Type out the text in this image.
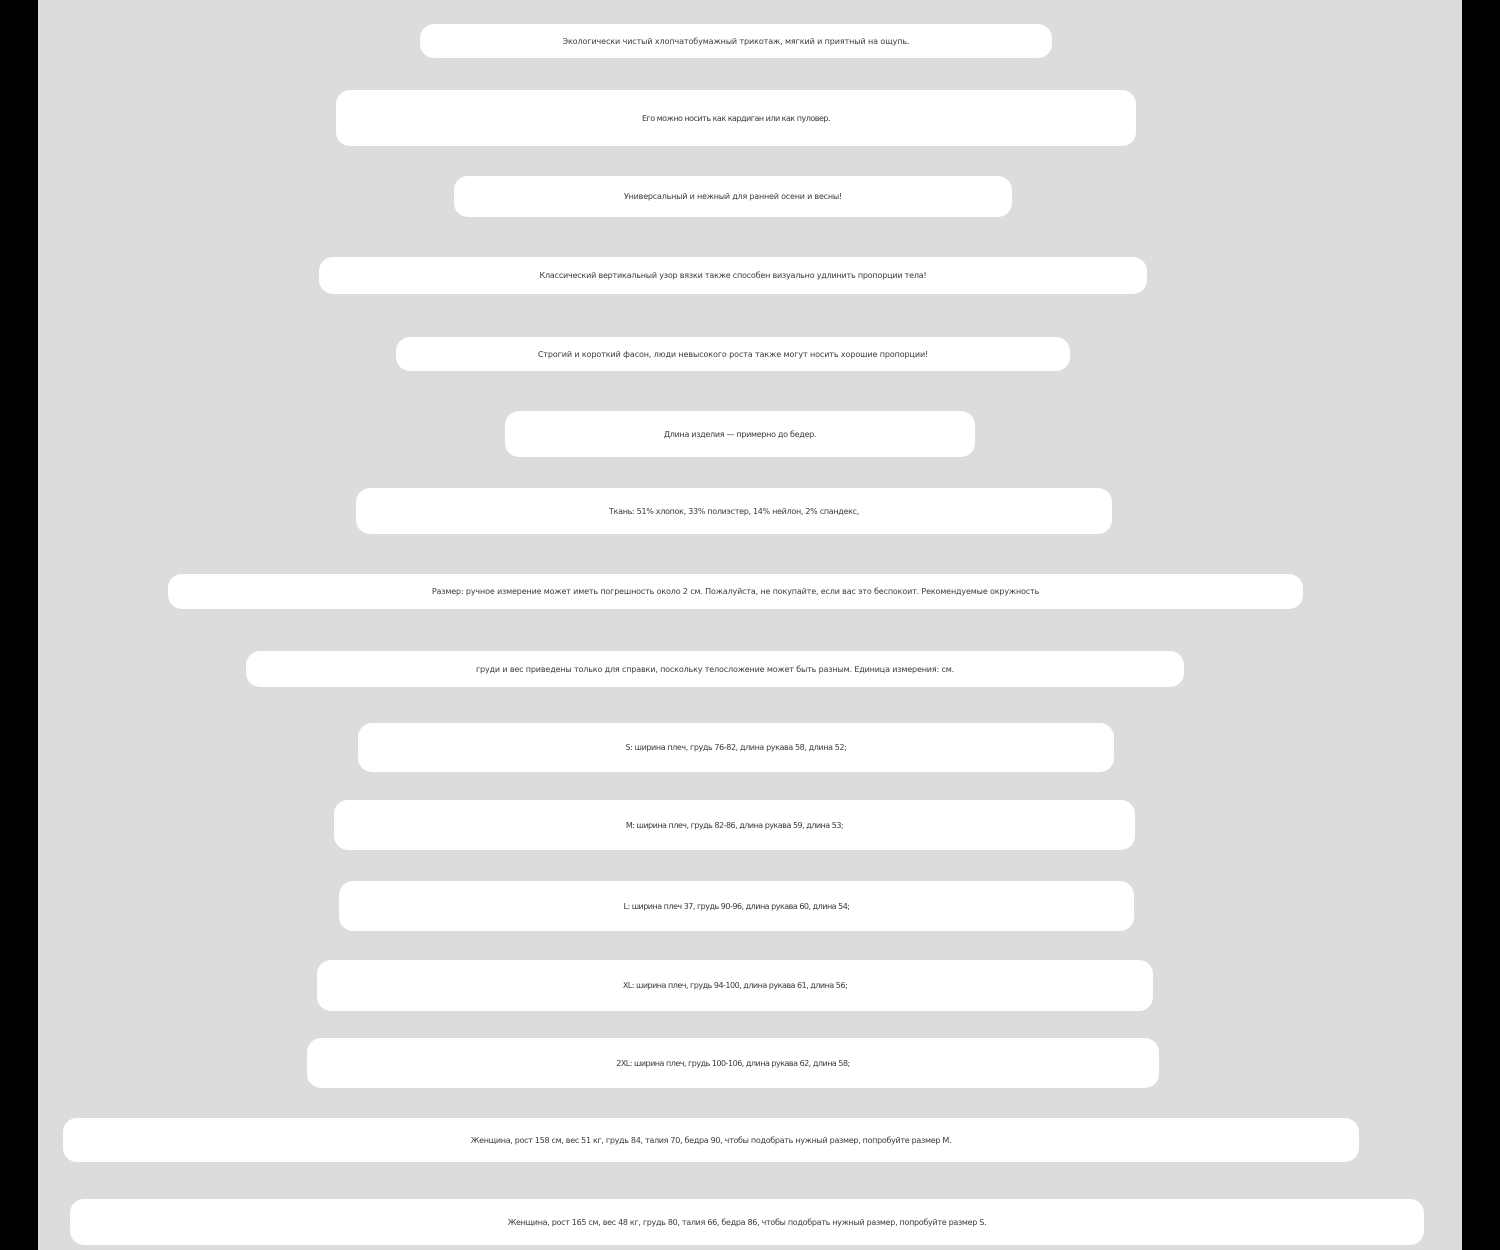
Экологически чистый хлопчатобумажный трикотаж, мягкий и приятный на ощупь.
Его можно носить как кардиган или как пуловер.
Универсальный и нежный для ранней осени и весны!
Классический вертикальный узор вязки также способен визуально удлинить пропорции тела!
Строгий и короткий фасон, люди невысокого роста также могут носить хорошие пропорции!
Длина изделия — примерно до бедер.
Ткань: 51% хлопок, 33% полиэстер, 14% нейлон, 2% спандекс,
Размер: ручное измерение может иметь погрешность около 2 см. Пожалуйста, не покупайте, если вас это беспокоит. Рекомендуемые окружность
груди и вес приведены только для справки, поскольку телосложение может быть разным. Единица измерения: см.
S: ширина плеч, грудь 76-82, длина рукава 58, длина 52;
M: ширина плеч, грудь 82-86, длина рукава 59, длина 53;
L: ширина плеч 37, грудь 90-96, длина рукава 60, длина 54;
XL: ширина плеч, грудь 94-100, длина рукава 61, длина 56;
2XL: ширина плеч, грудь 100-106, длина рукава 62, длина 58;
Женщина, рост 158 см, вес 51 кг, грудь 84, талия 70, бедра 90, чтобы подобрать нужный размер, попробуйте размер M.
Женщина, рост 165 см, вес 48 кг, грудь 80, талия 66, бедра 86, чтобы подобрать нужный размер, попробуйте размер S.
